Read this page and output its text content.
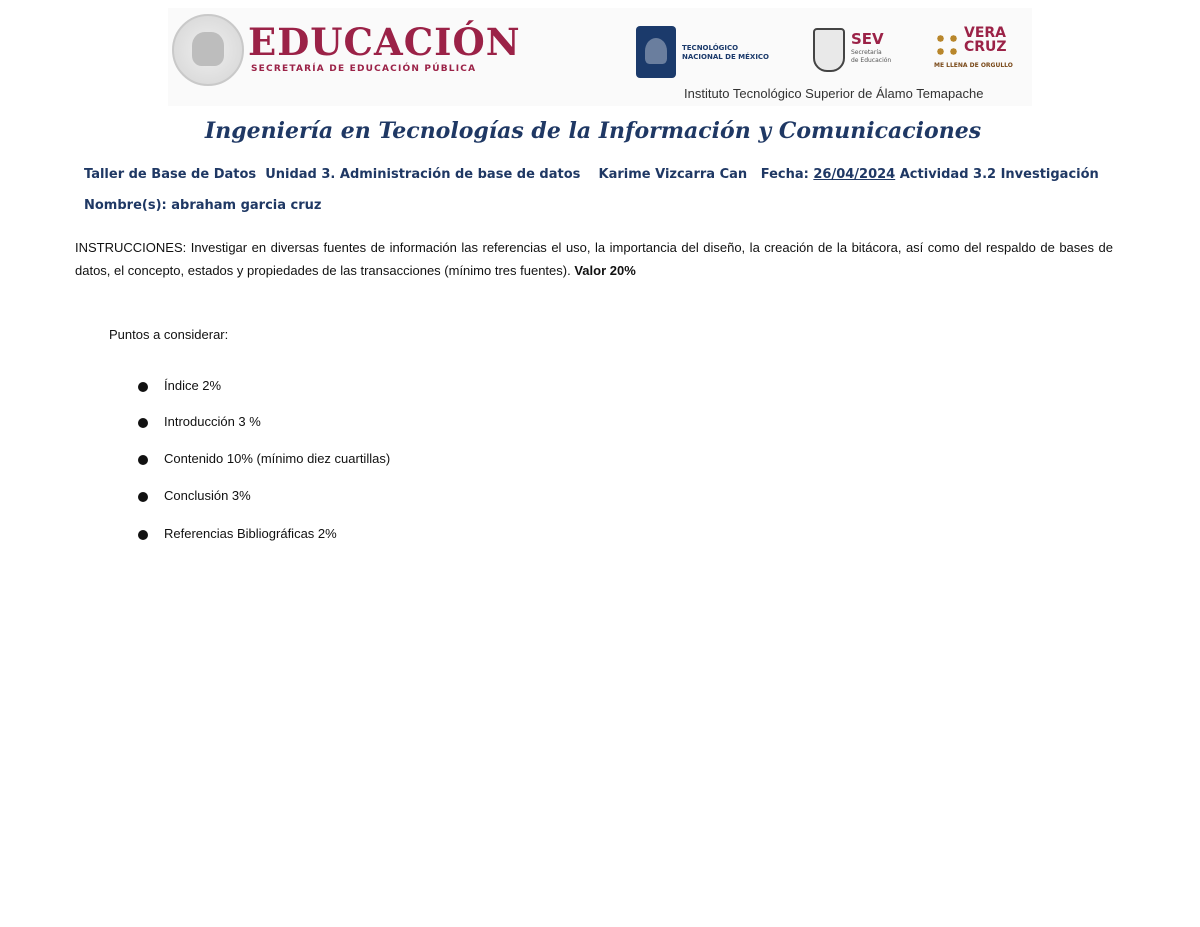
EDUCACIÓN
SECRETARÍA DE EDUCACIÓN PÚBLICA
TECNOLÓGICO
NACIONAL DE MÉXICO
SEV
Secretaría
de Educación
VERA
CRUZ
ME LLENA DE ORGULLO
Instituto Tecnológico Superior de Álamo Temapache
Ingeniería en Tecnologías de la Información y Comunicaciones
Taller de Base de Datos Unidad 3. Administración de base de datos Karime Vizcarra Can Fecha: 26/04/2024 Actividad 3.2 Investigación
Nombre(s): abraham garcia cruz
INSTRUCCIONES: Investigar en diversas fuentes de información las referencias el uso, la importancia del diseño, la creación de la bitácora, así como del respaldo de bases de datos, el concepto, estados y propiedades de las transacciones (mínimo tres fuentes). Valor 20%
Puntos a considerar:
Índice 2%
Introducción 3 %
Contenido 10% (mínimo diez cuartillas)
Conclusión 3%
Referencias Bibliográficas 2%
